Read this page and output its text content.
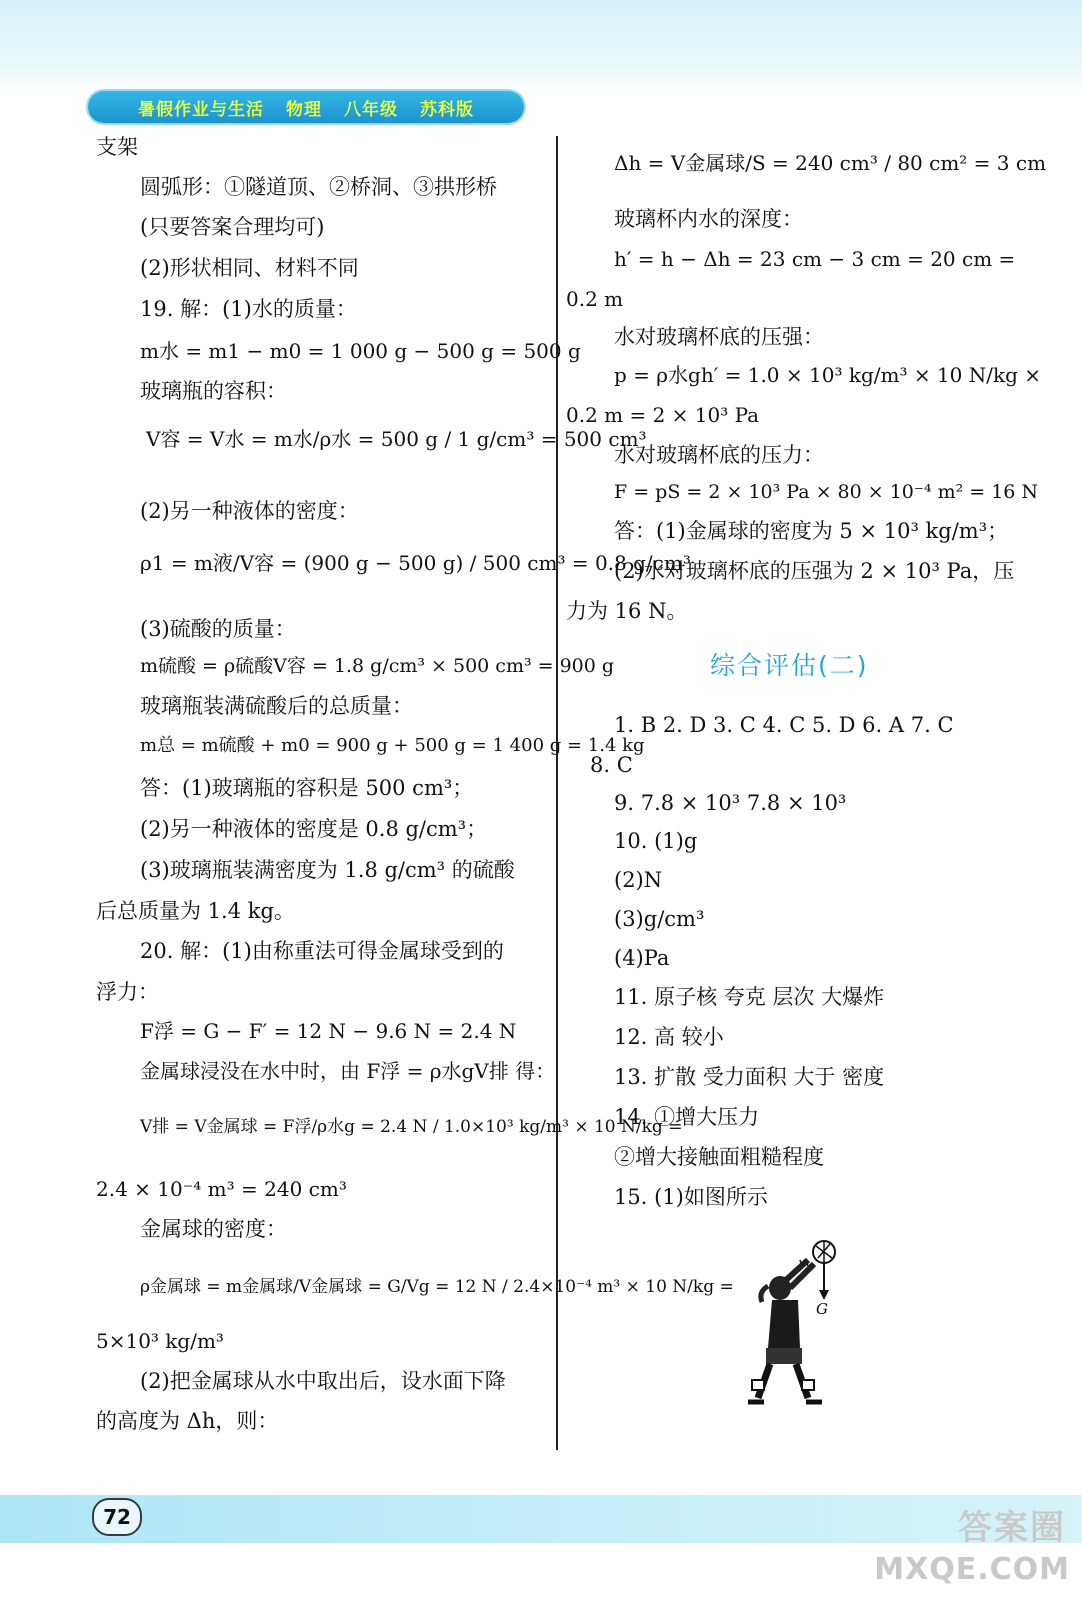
暑假作业与生活 物理 八年级 苏科版
支架
圆弧形：①隧道顶、②桥洞、③拱形桥
(只要答案合理均可)
(2)形状相同、材料不同
19. 解：(1)水的质量：
m水 = m1 − m0 = 1 000 g − 500 g = 500 g
玻璃瓶的容积：
V容 = V水 = m水/ρ水 = 500 g / 1 g/cm³ = 500 cm³
(2)另一种液体的密度：
ρ1 = m液/V容 = (900 g − 500 g) / 500 cm³ = 0.8 g/cm³
(3)硫酸的质量：
m硫酸 = ρ硫酸V容 = 1.8 g/cm³ × 500 cm³ = 900 g
玻璃瓶装满硫酸后的总质量：
m总 = m硫酸 + m0 = 900 g + 500 g = 1 400 g = 1.4 kg
答：(1)玻璃瓶的容积是 500 cm³；
(2)另一种液体的密度是 0.8 g/cm³；
(3)玻璃瓶装满密度为 1.8 g/cm³ 的硫酸
后总质量为 1.4 kg。
20. 解：(1)由称重法可得金属球受到的
浮力：
F浮 = G − F′ = 12 N − 9.6 N = 2.4 N
金属球浸没在水中时，由 F浮 = ρ水gV排 得：
V排 = V金属球 = F浮/ρ水g = 2.4 N / 1.0×10³ kg/m³ × 10 N/kg =
2.4 × 10⁻⁴ m³ = 240 cm³
金属球的密度：
ρ金属球 = m金属球/V金属球 = G/Vg = 12 N / 2.4×10⁻⁴ m³ × 10 N/kg =
5×10³ kg/m³
(2)把金属球从水中取出后，设水面下降
的高度为 Δh，则：
Δh = V金属球/S = 240 cm³ / 80 cm² = 3 cm
玻璃杯内水的深度：
h′ = h − Δh = 23 cm − 3 cm = 20 cm =
0.2 m
水对玻璃杯底的压强：
p = ρ水gh′ = 1.0 × 10³ kg/m³ × 10 N/kg ×
0.2 m = 2 × 10³ Pa
水对玻璃杯底的压力：
F = pS = 2 × 10³ Pa × 80 × 10⁻⁴ m² = 16 N
答：(1)金属球的密度为 5 × 10³ kg/m³；
(2)水对玻璃杯底的压强为 2 × 10³ Pa，压
力为 16 N。
1. B 2. D 3. C 4. C 5. D 6. A 7. C
8. C
9. 7.8 × 10³ 7.8 × 10³
10. (1)g
(2)N
(3)g/cm³
(4)Pa
11. 原子核 夸克 层次 大爆炸
12. 高 较小
13. 扩散 受力面积 大于 密度
14. ①增大压力
②增大接触面粗糙程度
15. (1)如图所示
综合评估(二)
G
72	答案圈
MXQE.COM
